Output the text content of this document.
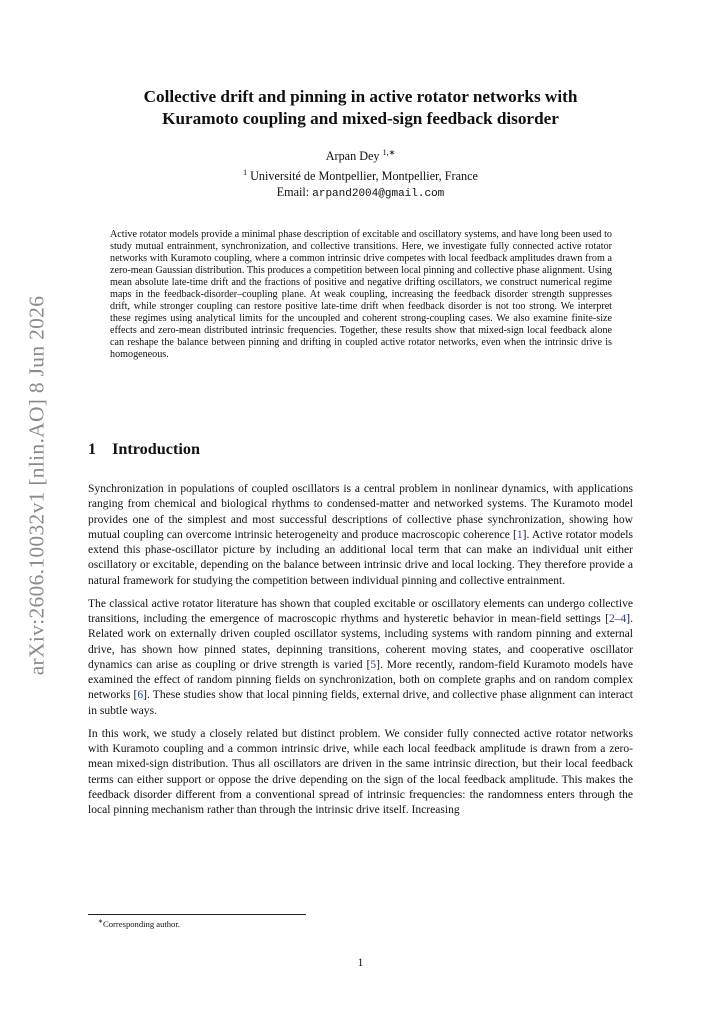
arXiv:2606.10032v1 [nlin.AO] 8 Jun 2026
Collective drift and pinning in active rotator networks with
Kuramoto coupling and mixed-sign feedback disorder
Arpan Dey $^{1,∗}$
$^1$ Université de Montpellier, Montpellier, France
Email: arpand2004@gmail.com
Active rotator models provide a minimal phase description of excitable and oscillatory systems, and have long been used to study mutual entrainment, synchronization, and collective transitions. Here, we investigate fully connected active rotator networks with Kuramoto coupling, where a common intrinsic drive competes with local feedback amplitudes drawn from a zero-mean Gaussian distribution. This produces a competition between local pinning and collective phase alignment. Using mean absolute late-time drift and the fractions of positive and negative drifting oscillators, we construct numerical regime maps in the feedback-disorder–coupling plane. At weak coupling, increasing the feedback disorder strength suppresses drift, while stronger coupling can restore positive late-time drift when feedback disorder is not too strong. We interpret these regimes using analytical limits for the uncoupled and coherent strong-coupling cases. We also examine finite-size effects and zero-mean distributed intrinsic frequencies. Together, these results show that mixed-sign local feedback alone can reshape the balance between pinning and drifting in coupled active rotator networks, even when the intrinsic drive is homogeneous.
1 Introduction

Synchronization in populations of coupled oscillators is a central problem in nonlinear dynamics, with applications ranging from chemical and biological rhythms to condensed-matter and networked systems. The Kuramoto model provides one of the simplest and most successful descriptions of collective phase synchronization, showing how mutual coupling can overcome intrinsic heterogeneity and produce macroscopic coherence [1]. Active rotator models extend this phase-oscillator picture by including an additional local term that can make an individual unit either oscillatory or excitable, depending on the balance between intrinsic drive and local locking. They therefore provide a natural framework for studying the competition between individual pinning and collective entrainment.

The classical active rotator literature has shown that coupled excitable or oscillatory elements can undergo collective transitions, including the emergence of macroscopic rhythms and hysteretic behavior in mean-field settings [2–4]. Related work on externally driven coupled oscillator systems, including systems with random pinning and external drive, has shown how pinned states, depinning transitions, coherent moving states, and cooperative oscillator dynamics can arise as coupling or drive strength is varied [5]. More recently, random-field Kuramoto models have examined the effect of random pinning fields on synchronization, both on complete graphs and on random complex networks [6]. These studies show that local pinning fields, external drive, and collective phase alignment can interact in subtle ways.

In this work, we study a closely related but distinct problem. We consider fully connected active rotator networks with Kuramoto coupling and a common intrinsic drive, while each local feedback amplitude is drawn from a zero-mean mixed-sign distribution. Thus all oscillators are driven in the same intrinsic direction, but their local feedback terms can either support or oppose the drive depending on the sign of the local feedback amplitude. This makes the feedback disorder different from a conventional spread of intrinsic frequencies: the randomness enters through the local pinning mechanism rather than through the intrinsic drive itself. Increasing

∗Corresponding author.
1
